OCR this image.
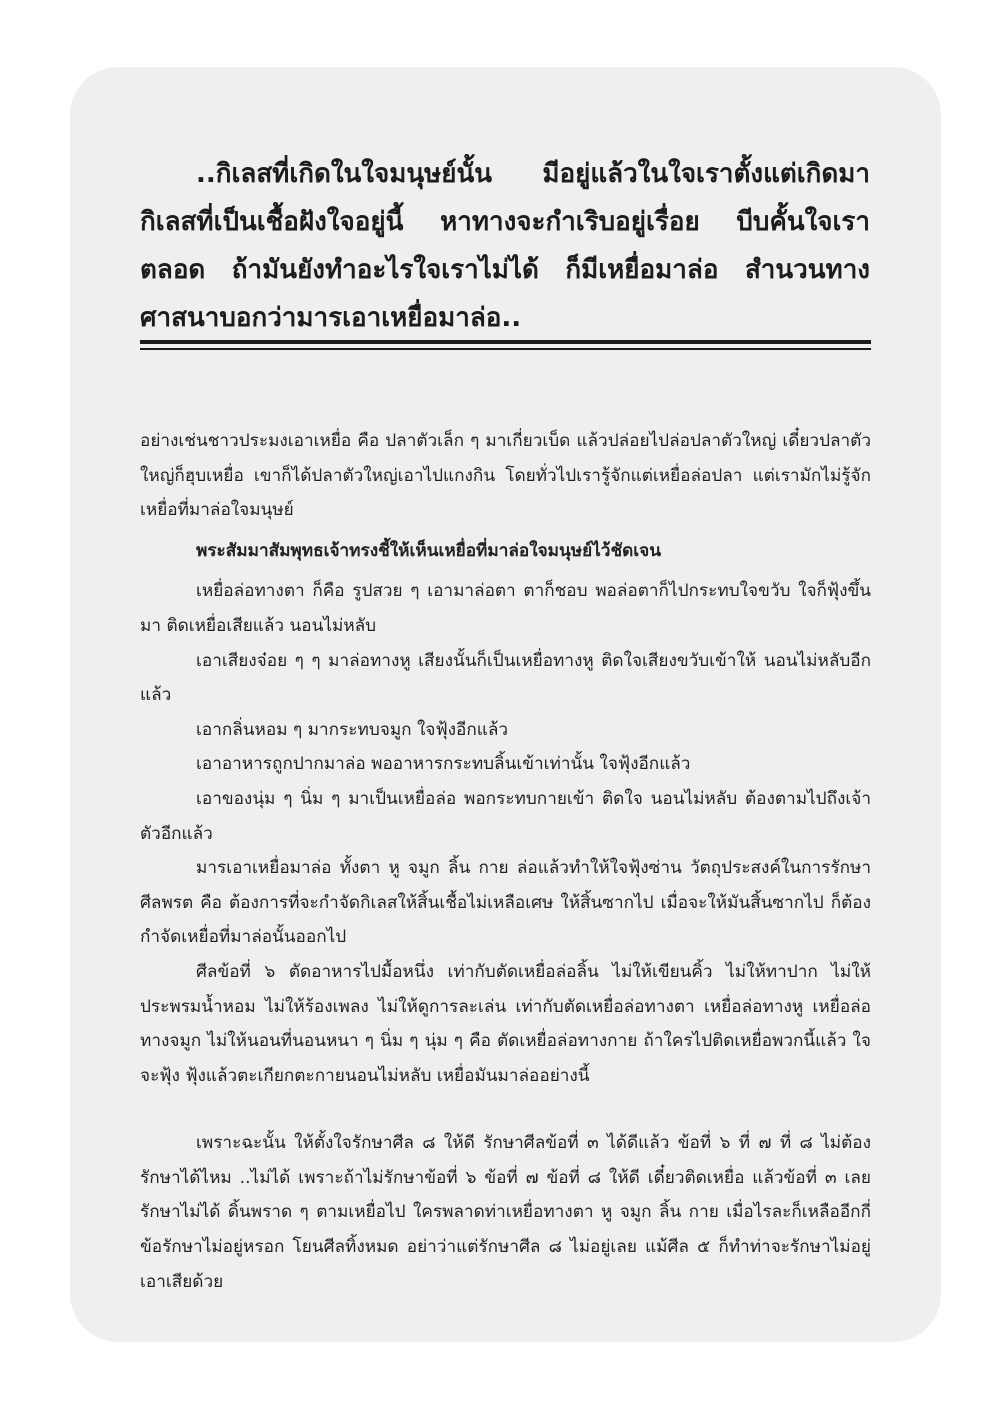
..กิเลสที่เกิดในใจมนุษย์นั้น มีอยู่แล้วในใจเราตั้งแต่เกิดมา กิเลสที่เป็นเชื้อฝังใจอยู่นี้ หาทางจะกำเริบอยู่เรื่อย บีบคั้นใจเราตลอด ถ้ามันยังทำอะไรใจเราไม่ได้ ก็มีเหยื่อมาล่อ สำนวนทางศาสนาบอกว่ามารเอาเหยื่อมาล่อ..

อย่างเช่นชาวประมงเอาเหยื่อ คือ ปลาตัวเล็ก ๆ มาเกี่ยวเบ็ด แล้วปล่อยไปล่อปลาตัวใหญ่ เดี๋ยวปลาตัวใหญ่ก็ฮุบเหยื่อ เขาก็ได้ปลาตัวใหญ่เอาไปแกงกิน โดยทั่วไปเรารู้จักแต่เหยื่อล่อปลา แต่เรามักไม่รู้จักเหยื่อที่มาล่อใจมนุษย์

พระสัมมาสัมพุทธเจ้าทรงชี้ให้เห็นเหยื่อที่มาล่อใจมนุษย์ไว้ชัดเจน

เหยื่อล่อทางตา ก็คือ รูปสวย ๆ เอามาล่อตา ตาก็ชอบ พอล่อตาก็ไปกระทบใจขวับ ใจก็ฟุ้งขึ้นมา ติดเหยื่อเสียแล้ว นอนไม่หลับ

เอาเสียงจ๋อย ๆ ๆ มาล่อทางหู เสียงนั้นก็เป็นเหยื่อทางหู ติดใจเสียงขวับเข้าให้ นอนไม่หลับอีกแล้ว

เอากลิ่นหอม ๆ มากระทบจมูก ใจฟุ้งอีกแล้ว

เอาอาหารถูกปากมาล่อ พออาหารกระทบลิ้นเข้าเท่านั้น ใจฟุ้งอีกแล้ว

เอาของนุ่ม ๆ นิ่ม ๆ มาเป็นเหยื่อล่อ พอกระทบกายเข้า ติดใจ นอนไม่หลับ ต้องตามไปถึงเจ้าตัวอีกแล้ว

มารเอาเหยื่อมาล่อ ทั้งตา หู จมูก ลิ้น กาย ล่อแล้วทำให้ใจฟุ้งซ่าน วัตถุประสงค์ในการรักษาศีลพรต คือ ต้องการที่จะกำจัดกิเลสให้สิ้นเชื้อไม่เหลือเศษ ให้สิ้นซากไป เมื่อจะให้มันสิ้นซากไป ก็ต้องกำจัดเหยื่อที่มาล่อนั้นออกไป

ศีลข้อที่ ๖ ตัดอาหารไปมื้อหนึ่ง เท่ากับตัดเหยื่อล่อลิ้น ไม่ให้เขียนคิ้ว ไม่ให้ทาปาก ไม่ให้ประพรมน้ำหอม ไม่ให้ร้องเพลง ไม่ให้ดูการละเล่น เท่ากับตัดเหยื่อล่อทางตา เหยื่อล่อทางหู เหยื่อล่อทางจมูก ไม่ให้นอนที่นอนหนา ๆ นิ่ม ๆ นุ่ม ๆ คือ ตัดเหยื่อล่อทางกาย ถ้าใครไปติดเหยื่อพวกนี้แล้ว ใจจะฟุ้ง ฟุ้งแล้วตะเกียกตะกายนอนไม่หลับ เหยื่อมันมาล่ออย่างนี้

เพราะฉะนั้น ให้ตั้งใจรักษาศีล ๘ ให้ดี รักษาศีลข้อที่ ๓ ได้ดีแล้ว ข้อที่ ๖ ที่ ๗ ที่ ๘ ไม่ต้องรักษาได้ไหม ..ไม่ได้ เพราะถ้าไม่รักษาข้อที่ ๖ ข้อที่ ๗ ข้อที่ ๘ ให้ดี เดี๋ยวติดเหยื่อ แล้วข้อที่ ๓ เลยรักษาไม่ได้ ดิ้นพราด ๆ ตามเหยื่อไป ใครพลาดท่าเหยื่อทางตา หู จมูก ลิ้น กาย เมื่อไรละก็เหลืออีกกี่ข้อรักษาไม่อยู่หรอก โยนศีลทิ้งหมด อย่าว่าแต่รักษาศีล ๘ ไม่อยู่เลย แม้ศีล ๕ ก็ทำท่าจะรักษาไม่อยู่เอาเสียด้วย
